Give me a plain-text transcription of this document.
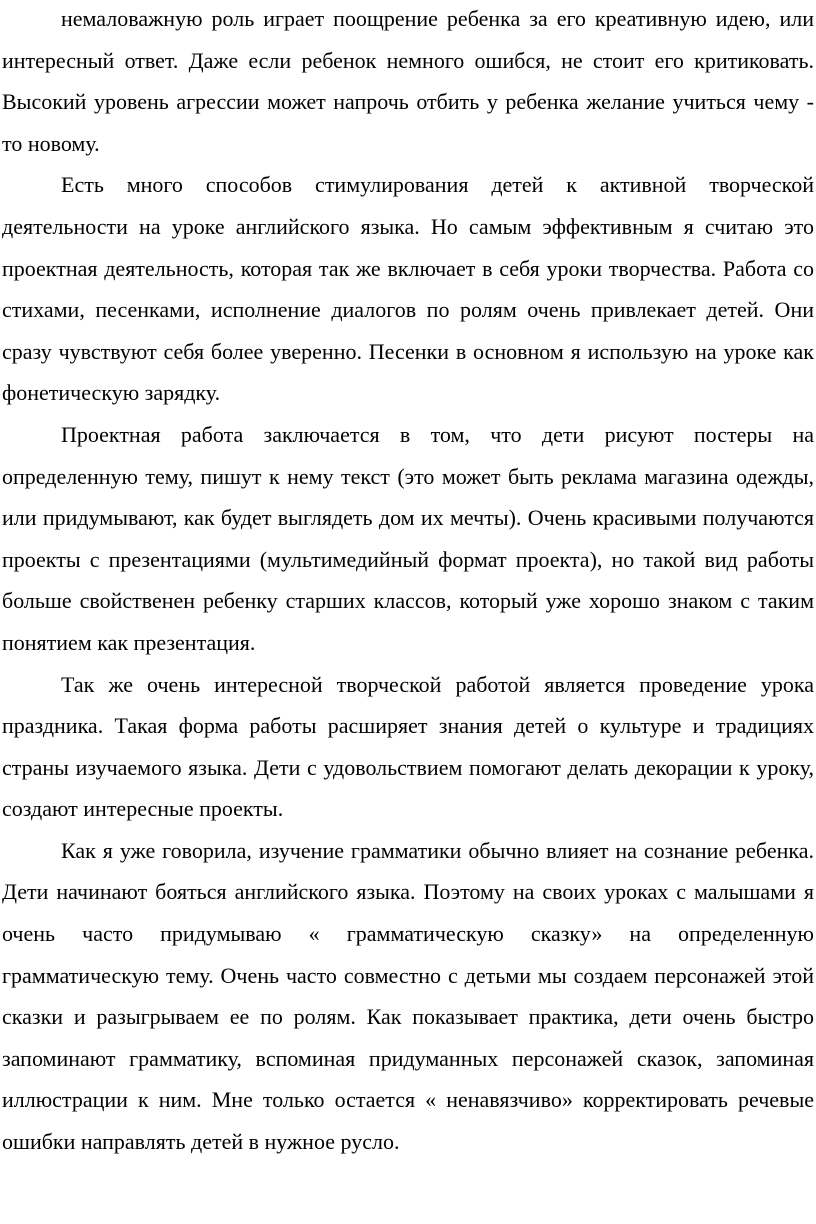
немаловажную роль играет поощрение ребенка за его креативную идею, или интересный ответ. Даже если ребенок немного ошибся, не стоит его критиковать. Высокий уровень агрессии может напрочь отбить у ребенка желание учиться чему - то новому.

Есть много способов стимулирования детей к активной творческой деятельности на уроке английского языка. Но самым эффективным я считаю это проектная деятельность, которая так же включает в себя уроки творчества. Работа со стихами, песенками, исполнение диалогов по ролям очень привлекает детей. Они сразу чувствуют себя более уверенно. Песенки в основном я использую на уроке как фонетическую зарядку.

Проектная работа заключается в том, что дети рисуют постеры на определенную тему, пишут к нему текст (это может быть реклама магазина одежды, или придумывают, как будет выглядеть дом их мечты). Очень красивыми получаются проекты с презентациями (мультимедийный формат проекта), но такой вид работы больше свойственен ребенку старших классов, который уже хорошо знаком с таким понятием как презентация.

Так же очень интересной творческой работой является проведение урока праздника. Такая форма работы расширяет знания детей о культуре и традициях страны изучаемого языка. Дети с удовольствием помогают делать декорации к уроку, создают интересные проекты.

Как я уже говорила, изучение грамматики обычно влияет на сознание ребенка. Дети начинают бояться английского языка. Поэтому на своих уроках с малышами я очень часто придумываю « грамматическую сказку» на определенную грамматическую тему. Очень часто совместно с детьми мы создаем персонажей этой сказки и разыгрываем ее по ролям. Как показывает практика, дети очень быстро запоминают грамматику, вспоминая придуманных персонажей сказок, запоминая иллюстрации к ним. Мне только остается « ненавязчиво» корректировать речевые ошибки направлять детей в нужное русло.
